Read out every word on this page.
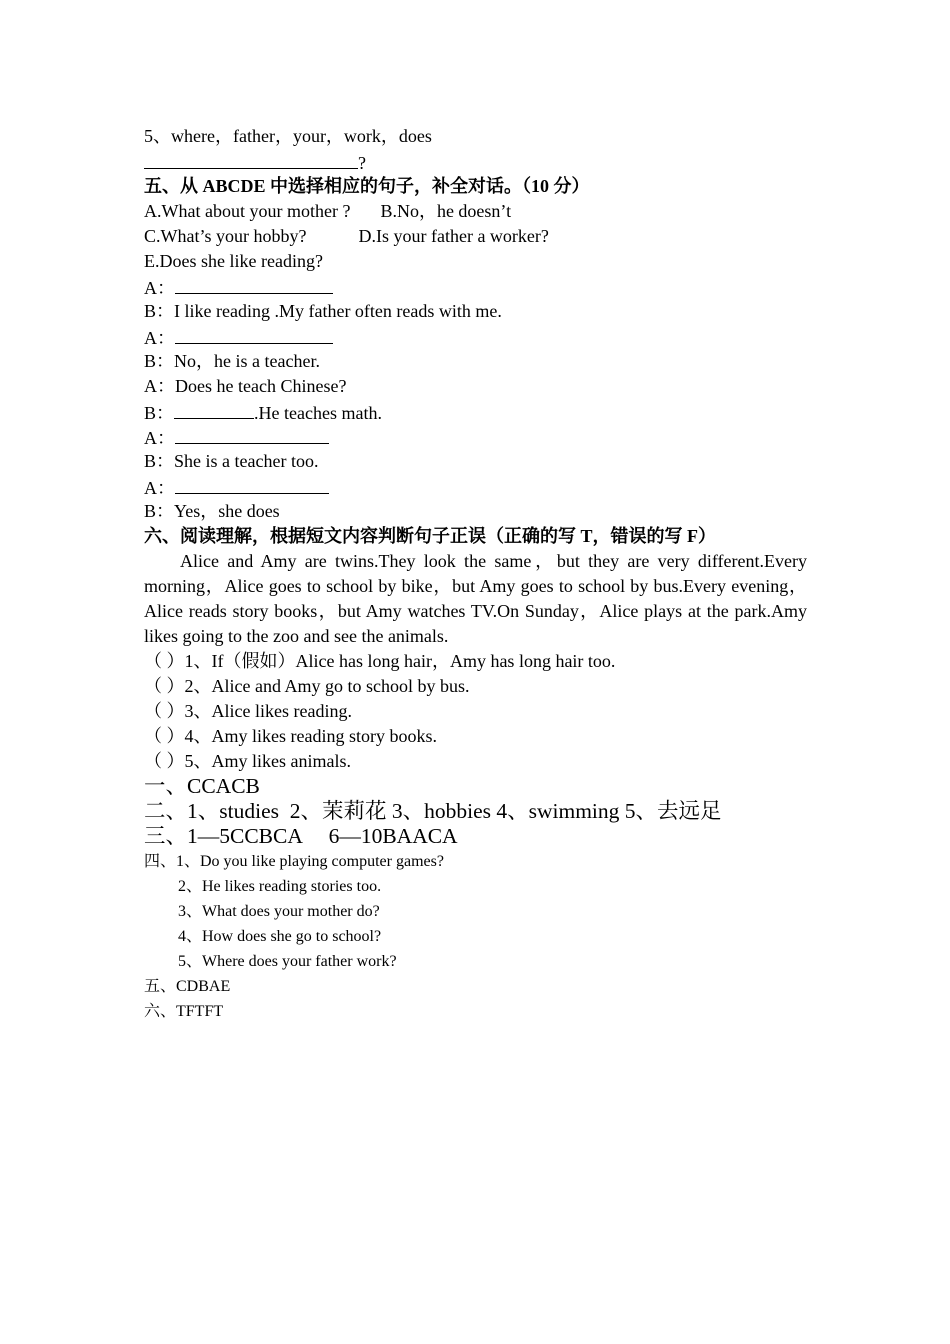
5、where，father，your，work，does
?
五、从 ABCDE 中选择相应的句子，补全对话。（10 分）
A.What about your mother ? B.No，he doesn’t
C.What’s your hobby?	D.Is your father a worker?
E.Does she like reading?
A：
B：I like reading .My father often reads with me.
A：
B：No，he is a teacher.
A：Does he teach Chinese?
B：	.He teaches math.
A：
B：She is a teacher too.
A：
B：Yes，she does
六、阅读理解，根据短文内容判断句子正误（正确的写 T，错误的写 F）
Alice and Amy are twins.They look the same，but they are very different.Every morning，Alice goes to school by bike，but Amy goes to school by bus.Every evening，Alice reads story books，but Amy watches TV.On Sunday，Alice plays at the park.Amy likes going to the zoo and see the animals.
（ ）1、If（假如）Alice has long hair，Amy has long hair too.
（ ）2、Alice and Amy go to school by bus.
（ ）3、Alice likes reading.
（ ）4、Amy likes reading story books.
（ ）5、Amy likes animals.
一、CCACB
二、1、studies  2、茉莉花 3、hobbies 4、swimming 5、去远足
三、1—5CCBCA     6—10BAACA
四、1、Do you like playing computer games?
2、He likes reading stories too.
3、What does your mother do?
4、How does she go to school?
5、Where does your father work?
五、CDBAE
六、TFTFT
